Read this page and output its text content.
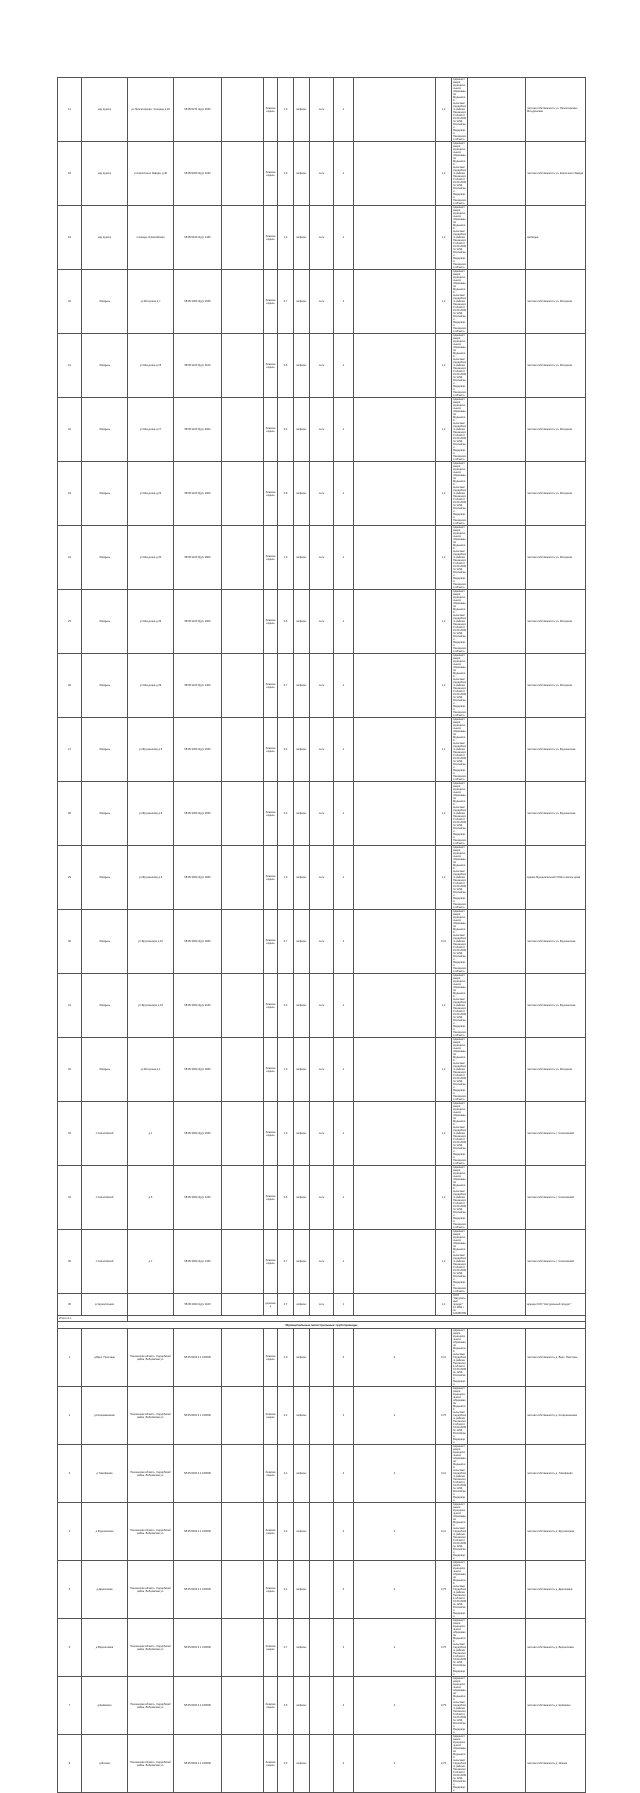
11	м/д дорога	ул.Пролетарская, площадь д.29	58:05:0274 3(д)ч 1600		безвозмездное	1,0	асфальт	сеть	1		1,2	Администрация муниципального образования Медынский сельсовет Сердобского района Пензенской области 01.00.2009 № 1234, Российская Федерация, Пензенская область		частная собственность ул. Пролетарская-Мичуринская
18	м/д дорога	ул.Кирпичного Завода, д.40	58:05:0260 3(д)ч 1063		безвозмездное	1,6	асфальт	сеть	1		1,2	Администрация муниципального образования Медынский сельсовет Сердобского района Пензенской области 01.00.2009 № 1234, Российская Федерация, Пензенская область		частная собственность ул. Кирпичного Завода
19	м/д дорога	площадь Олимпийская	58:05:0100 3(д)ч 1450		безвозмездное	1,2	асфальт	сеть	1		1,2	Администрация муниципального образования Медынский сельсовет Сердобского района Пензенской области 01.00.2009 № 1234, Российская Федерация, Пензенская область		свободна
20	г.Медынь	ул.Мичурина д.7	58:05:1000 3(д)ч 1505		безвозмездное	0,7	асфальт	сеть	2		1,2	Администрация муниципального образования Медынский сельсовет Сердобского района Пензенской области 01.00.2009 № 1234, Российская Федерация, Пензенская область		частная собственность ул. Мичурина
21	г.Медынь	ул.Мичурина д.15	58:05:1100 3(д)ч 2100		безвозмездное	0,5	асфальт	сеть	1		1,2	Администрация муниципального образования Медынский сельсовет Сердобского района Пензенской области 01.00.2009 № 1234, Российская Федерация, Пензенская область		частная собственность ул. Мичурина
22	г.Медынь	ул.Мичурина д.17	58:05:1100 3(д)ч 2004		безвозмездное	0,2	асфальт	сеть	1		1,2	Администрация муниципального образования Медынский сельсовет Сердобского района Пензенской области 01.00.2009 № 1234, Российская Федерация, Пензенская область		частная собственность ул. Мичурина
23	г.Медынь	ул.Мичурина д.23	58:05:1100 3(д)ч 1900		безвозмездное	0,8	асфальт	сеть	1		1,2	Администрация муниципального образования Медынский сельсовет Сердобского района Пензенской области 01.00.2009 № 1234, Российская Федерация, Пензенская область		частная собственность ул. Мичурина
24	г.Медынь	ул.Мичурина д.30	58:05:1100 3(д)ч 1800		безвозмездное	1,0	асфальт	сеть	1		1,2	Администрация муниципального образования Медынский сельсовет Сердобского района Пензенской области 01.00.2009 № 1234, Российская Федерация, Пензенская область		частная собственность ул. Мичурина
25	г.Медынь	ул.Мичурина д.36	58:05:1100 3(д)ч 1900		безвозмездное	0,5	асфальт	сеть	1		1,2	Администрация муниципального образования Медынский сельсовет Сердобского района Пензенской области 01.00.2009 № 1234, Российская Федерация, Пензенская область		частная собственность ул. Мичурина
26	г.Медынь	ул.Мичурина д.39	58:05:1100 3(д)ч 1400		безвозмездное	0,7	асфальт	сеть	1		1,2	Администрация муниципального образования Медынский сельсовет Сердобского района Пензенской области 01.00.2009 № 1234, Российская Федерация, Пензенская область		частная собственность ул. Мичурина
27	г.Медынь	ул.Фрунзенская д.5	58:05:1300 3(д)ч 1500		безвозмездное	0,2	асфальт	сеть	1		1,1	Администрация муниципального образования Медынский сельсовет Сердобского района Пензенской области 01.00.2009 № 1234, Российская Федерация, Пензенская область		частная собственность ул. Фрунзенская
28	г.Медынь	ул.Фрунзенская д.8	58:05:1300 3(д)ч 2500		безвозмездное	0,3	асфальт	сеть	1		1,2	Администрация муниципального образования Медынский сельсовет Сердобского района Пензенской области 01.00.2009 № 1234, Российская Федерация, Пензенская область		частная собственность ул. Фрунзенская
29	г.Медынь	ул.Фрунзенская д.9	58:05:1600 3(д)ч 1800		безвозмездное	1,0	асфальт	сеть	1		1,2	Администрация муниципального образования Медынский сельсовет Сердобского района Пензенской области 01.00.2009 № 1234, Российская Федерация, Пензенская область		здание Муниципальной СОШ и жилые дома
30	г.Медынь	ул.Фрунзенская д.10	58:05:1600 3(д)ч 1800		безвозмездное	0,7	асфальт	сеть	2		0,11	Администрация муниципального образования Медынский сельсовет Сердобского района Пензенской области 01.00.2009 № 1234, Российская Федерация, Пензенская область		частная собственность ул. Фрунзенская
31	г.Медынь	ул.Фрунзенская д.15	58:05:1600 3(д)ч 2100		безвозмездное	0,3	асфальт	сеть	1		1,2	Администрация муниципального образования Медынский сельсовет Сердобского района Пензенской области 01.00.2009 № 1234, Российская Федерация, Пензенская область		частная собственность ул. Фрунзенская
32	г.Медынь	ул.Мичурина д.1	58:05:1600 3(д)ч 1800		безвозмездное	1,0	асфальт	сеть	1		1,2	Администрация муниципального образования Медынский сельсовет Сердобского района Пензенской области 01.00.2009 № 1234, Российская Федерация, Пензенская область		частная собственность ул. Мичурина
33	с.Соколовский	д.1	58:05:1600 3(д)ч 1500		безвозмездное	1,0	асфальт	сеть	1		1,2	Администрация муниципального образования Медынский сельсовет Сердобского района Пензенской области 01.00.2009 № 1234, Российская Федерация, Пензенская область		частная собственность с. Соколовский
34	с.Соколовский	д.5	58:05:1600 3(д)ч 1200		безвозмездное	0,5	асфальт	сеть	1		1,2	Администрация муниципального образования Медынский сельсовет Сердобского района Пензенской области 01.00.2009 № 1234, Российская Федерация, Пензенская область		частная собственность с. Соколовский
35	с.Соколовский	д.7	58:05:1600 3(д)ч 1300		безвозмездное	0,7	асфальт	сеть	1		1,2	Администрация муниципального образования Медынский сельсовет Сердобского района Пензенской области 01.00.2009 № 1234, Российская Федерация, Пензенская область		частная собственность с. Соколовский
36	д.Чернопятьево		58:05:1600 3(д)ч 1100		дорожное	0,7	асфальт	сеть	1		1,2	ООО "Натуральный продукт" 12.1991 г. № 123456789		аренда ООО "Натуральный продукт"
Итого по 1														
Муниципальные магистральные трубопроводы														
1	д.Верх. Пристань	Пензенская область, Сердобский район, Бобровская ул.	58:05:0000 4 1 150000		безвозмездное	4,0	асфальт		4	2	0,11	Администрация муниципального образования Медынский сельсовет Сердобского района Пензенской области 01.00.2009 № 1234, Российская Федерация		частная собственность д. Верх. Пристань
2	д.Кочережниково	Пензенская область, Сердобский район, Бобровская ул.	58:05:0000 4 1 150000		безвозмездное	4,2	асфальт		4	2	0,75	Администрация муниципального образования Медынский сельсовет Сердобского района Пензенской области 01.00.2009 № 1234, Российская Федерация		частная собственность д. Кочережниково
3	д.Тимофеево	Пензенская область, Сердобский район, Бобровская ул.	58:05:0000 4 1 150000		безвозмездное	4,2	асфальт		4	2	0,11	Администрация муниципального образования Медынский сельсовет Сердобского района Пензенской области 01.00.2009 № 1234, Российская Федерация		частная собственность д. Тимофеево
4	д.Фрунзенская	Пензенская область, Сердобский район, Бобровская ул.	58:05:0000 4 1 150000		безвозмездное	4,2	асфальт		4	2	0,11	Администрация муниципального образования Медынский сельсовет Сердобского района Пензенской области 01.00.2009 № 1234, Российская Федерация		частная собственность д. Фрунзенская
5	д.Дергачевка	Пензенская область, Сердобский район, Бобровская ул.	58:05:0000 4 1 150000		безвозмездное	4,2	асфальт		4	2	0,75	Администрация муниципального образования Медынский сельсовет Сердобского района Пензенской области 01.00.2009 № 1234, Российская Федерация		частная собственность д. Дергачевка
6	д.Вершиловка	Пензенская область, Сердобский район, Бобровская ул.	58:05:0000 4 1 150000		безвозмездное	4,7	асфальт		4	2	0,75	Администрация муниципального образования Медынский сельсовет Сердобского района Пензенской области 01.00.2009 № 1234, Российская Федерация		частная собственность д. Вершиловка
7	д.Ерёмкино	Пензенская область, Сердобский район, Бобровская ул.	58:05:0000 4 1 150000		безвозмездное	4,5	асфальт		4	2	0,75	Администрация муниципального образования Медынский сельсовет Сердобского района Пензенской области 01.00.2009 № 1234, Российская Федерация		частная собственность д. Ерёмкино
8	д.Ясенки	Пензенская область, Сердобский район, Бобровская ул.	58:05:0000 4 1 150000		безвозмездное	4,3	асфальт		4	2	0,75	Администрация муниципального образования Медынский сельсовет Сердобского района Пензенской области 01.00.2009 № 1234, Российская Федерация		частная собственность д. Ясенки
